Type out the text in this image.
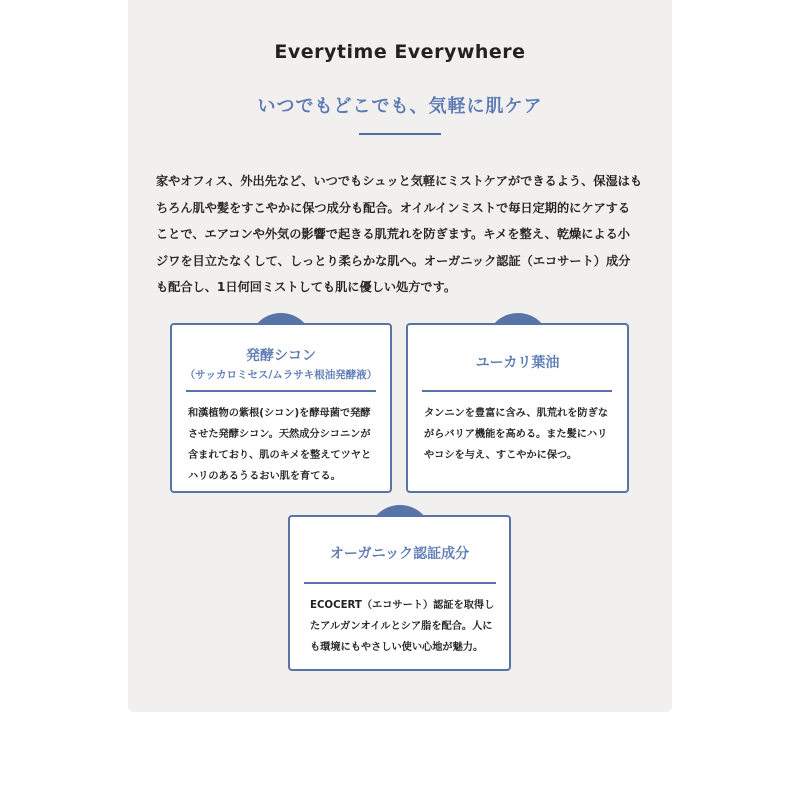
Everytime Everywhere
いつでもどこでも、気軽に肌ケア
家やオフィス、外出先など、いつでもシュッと気軽にミストケアができるよう、保湿はも
ちろん肌や髪をすこやかに保つ成分も配合。オイルインミストで毎日定期的にケアする
ことで、エアコンや外気の影響で起きる肌荒れを防ぎます。キメを整え、乾燥による小
ジワを目立たなくして、しっとり柔らかな肌へ。オーガニック認証（エコサート）成分
も配合し、1日何回ミストしても肌に優しい処方です。
発酵シコン
（サッカロミセス/ムラサキ根油発酵液）
和漢植物の紫根(シコン)を酵母菌で発酵
させた発酵シコン。天然成分シコニンが
含まれており、肌のキメを整えてツヤと
ハリのあるうるおい肌を育てる。
ユーカリ葉油
タンニンを豊富に含み、肌荒れを防ぎな
がらバリア機能を高める。また髪にハリ
やコシを与え、すこやかに保つ。
オーガニック認証成分
ECOCERT（エコサート）認証を取得し
たアルガンオイルとシア脂を配合。人に
も環境にもやさしい使い心地が魅力。
